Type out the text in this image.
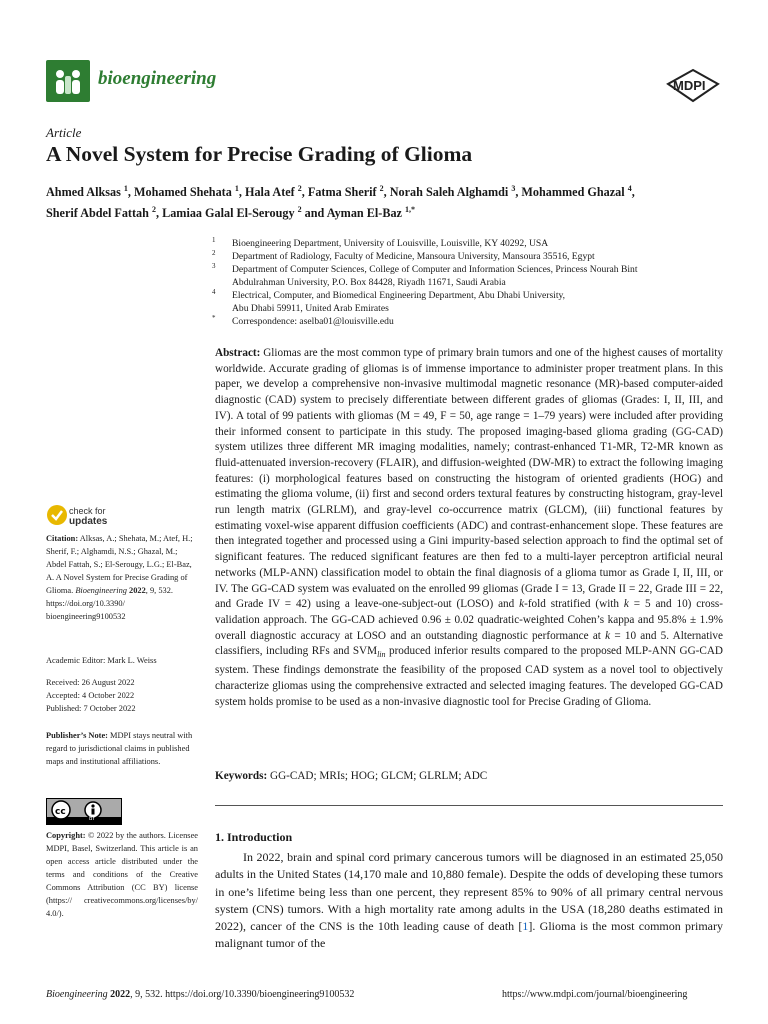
bioengineering	MDPI
Article
A Novel System for Precise Grading of Glioma
Ahmed Alksas $^1$, Mohamed Shehata $^1$, Hala Atef $^2$, Fatma Sherif $^2$, Norah Saleh Alghamdi $^3$, Mohammed Ghazal $^4$,
Sherif Abdel Fattah $^2$, Lamiaa Galal El-Serougy $^2$ and Ayman El-Baz $^{1,*}$
1 Bioengineering Department, University of Louisville, Louisville, KY 40292, USA
2 Department of Radiology, Faculty of Medicine, Mansoura University, Mansoura 35516, Egypt
3 Department of Computer Sciences, College of Computer and Information Sciences, Princess Nourah Bint
Abdulrahman University, P.O. Box 84428, Riyadh 11671, Saudi Arabia
4 Electrical, Computer, and Biomedical Engineering Department, Abu Dhabi University,
Abu Dhabi 59911, United Arab Emirates
* Correspondence: aselba01@louisville.edu
Abstract: Gliomas are the most common type of primary brain tumors and one of the highest causes of mortality worldwide. Accurate grading of gliomas is of immense importance to administer proper treatment plans. In this paper, we develop a comprehensive non-invasive multimodal magnetic resonance (MR)-based computer-aided diagnostic (CAD) system to precisely differentiate between different grades of gliomas (Grades: I, II, III, and IV). A total of 99 patients with gliomas (M = 49, F = 50, age range = 1–79 years) were included after providing their informed consent to participate in this study. The proposed imaging-based glioma grading (GG-CAD) system utilizes three different MR imaging modalities, namely; contrast-enhanced T1-MR, T2-MR known as fluid-attenuated inversion-recovery (FLAIR), and diffusion-weighted (DW-MR) to extract the following imaging features: (i) morphological features based on constructing the histogram of oriented gradients (HOG) and estimating the glioma volume, (ii) first and second orders textural features by constructing histogram, gray-level run length matrix (GLRLM), and gray-level co-occurrence matrix (GLCM), (iii) functional features by estimating voxel-wise apparent diffusion coefficients (ADC) and contrast-enhancement slope. These features are then integrated together and processed using a Gini impurity-based selection approach to find the optimal set of significant features. The reduced significant features are then fed to a multi-layer perceptron artificial neural networks (MLP-ANN) classification model to obtain the final diagnosis of a glioma tumor as Grade I, II, III, or IV. The GG-CAD system was evaluated on the enrolled 99 gliomas (Grade I = 13, Grade II = 22, Grade III = 22, and Grade IV = 42) using a leave-one-subject-out (LOSO) and k-fold stratified (with k = 5 and 10) cross-validation approach. The GG-CAD achieved 0.96 ± 0.02 quadratic-weighted Cohen’s kappa and 95.8% ± 1.9% overall diagnostic accuracy at LOSO and an outstanding diagnostic performance at k = 10 and 5. Alternative classifiers, including RFs and $SVM_{lin}$ produced inferior results compared to the proposed MLP-ANN GG-CAD system. These findings demonstrate the feasibility of the proposed CAD system as a novel tool to objectively characterize gliomas using the comprehensive extracted and selected imaging features. The developed GG-CAD system holds promise to be used as a non-invasive diagnostic tool for Precise Grading of Glioma.
Keywords: GG-CAD; MRIs; HOG; GLCM; GLRLM; ADC
1. Introduction
In 2022, brain and spinal cord primary cancerous tumors will be diagnosed in an estimated 25,050 adults in the United States (14,170 male and 10,880 female). Despite the odds of developing these tumors in one’s lifetime being less than one percent, they represent 85% to 90% of all primary central nervous system (CNS) tumors. With a high mortality rate among adults in the USA (18,280 deaths estimated in 2022), cancer of the CNS is the 10th leading cause of death [1]. Glioma is the most common primary malignant tumor of the
check for
updates
Citation: Alksas, A.; Shehata, M.; Atef, H.; Sherif, F.; Alghamdi, N.S.; Ghazal, M.; Abdel Fattah, S.; El-Serougy, L.G.; El-Baz, A. A Novel System for Precise Grading of Glioma. Bioengineering 2022, 9, 532. https://doi.org/10.3390/ bioengineering9100532
Academic Editor: Mark L. Weiss
Received: 26 August 2022
Accepted: 4 October 2022
Published: 7 October 2022
Publisher’s Note: MDPI stays neutral with regard to jurisdictional claims in published maps and institutional affiliations.
cc
BY
Copyright: © 2022 by the authors. Licensee MDPI, Basel, Switzerland. This article is an open access article distributed under the terms and conditions of the Creative Commons Attribution (CC BY) license (https:// creativecommons.org/licenses/by/ 4.0/).
Bioengineering 2022, 9, 532. https://doi.org/10.3390/bioengineering9100532	https://www.mdpi.com/journal/bioengineering
